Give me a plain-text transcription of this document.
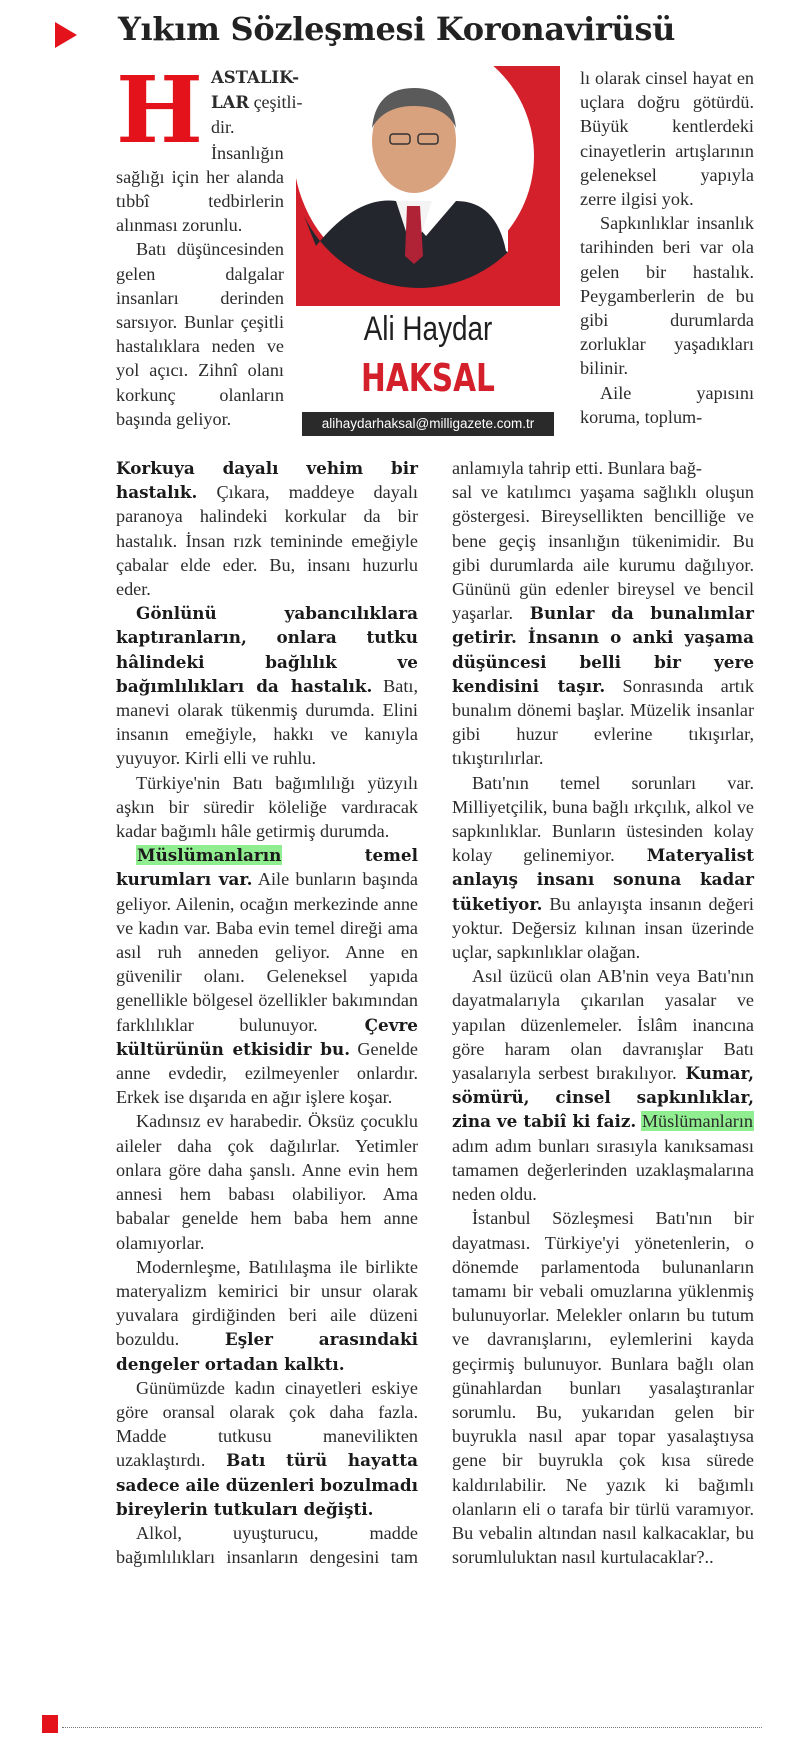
Yıkım Sözleşmesi Koronavirüsü
Ali Haydar
HAKSAL
alihaydarhaksal@milligazete.com.tr
H ASTALIK-
LAR çeşitli-
dir.

İnsanlığın sağlığı için her alanda tıbbî tedbirlerin alınması zorunlu.

Batı düşüncesinden gelen dalgalar insanları derinden sarsıyor. Bunlar çeşitli hastalıklara neden ve yol açıcı. Zihnî olanı korkunç olanların başında geliyor.

lı olarak cinsel hayat en uçlara doğru götürdü. Büyük kentlerdeki cinayetlerin artışlarının geleneksel yapıyla zerre ilgisi yok.

Sapkınlıklar insanlık tarihinden beri var ola gelen bir hastalık. Peygamberlerin de bu gibi durumlarda zorluklar yaşadıkları bilinir.

Aile yapısını koruma, toplum-

Korkuya dayalı vehim bir hastalık. Çıkara, maddeye dayalı paranoya halindeki korkular da bir hastalık. İnsan rızk temininde emeğiyle çabalar elde eder. Bu, insanı huzurlu eder.

Gönlünü yabancılıklara kaptıranların, onlara tutku hâlindeki bağlılık ve bağımlılıkları da hastalık. Batı, manevi olarak tükenmiş durumda. Elini insanın emeğiyle, hakkı ve kanıyla yuyuyor. Kirli elli ve ruhlu.

Türkiye'nin Batı bağımlılığı yüzyılı aşkın bir süredir köleliğe vardıracak kadar bağımlı hâle getirmiş durumda.

Müslümanların temel kurumları var. Aile bunların başında geliyor. Ailenin, ocağın merkezinde anne ve kadın var. Baba evin temel direği ama asıl ruh anneden geliyor. Anne en güvenilir olanı. Geleneksel yapıda genellikle bölgesel özellikler bakımından farklılıklar bulunuyor. Çevre kültürünün etkisidir bu. Genelde anne evdedir, ezilmeyenler onlardır. Erkek ise dışarıda en ağır işlere koşar.

Kadınsız ev harabedir. Öksüz çocuklu aileler daha çok dağılırlar. Yetimler onlara göre daha şanslı. Anne evin hem annesi hem babası olabiliyor. Ama babalar genelde hem baba hem anne olamıyorlar.

Modernleşme, Batılılaşma ile birlikte materyalizm kemirici bir unsur olarak yuvalara girdiğinden beri aile düzeni bozuldu. Eşler arasındaki dengeler ortadan kalktı.

Günümüzde kadın cinayetleri eskiye göre oransal olarak çok daha fazla. Madde tutkusu manevilikten uzaklaştırdı. Batı türü hayatta sadece aile düzenleri bozulmadı bireylerin tutkuları değişti.

Alkol, uyuşturucu, madde bağımlılıkları insanların dengesini tam anlamıyla tahrip etti. Bunlara bağ-

sal ve katılımcı yaşama sağlıklı oluşun göstergesi. Bireysellikten bencilliğe ve bene geçiş insanlığın tükenimidir. Bu gibi durumlarda aile kurumu dağılıyor. Gününü gün edenler bireysel ve bencil yaşarlar. Bunlar da bunalımlar getirir. İnsanın o anki yaşama düşüncesi belli bir yere kendisini taşır. Sonrasında artık bunalım dönemi başlar. Müzelik insanlar gibi huzur evlerine tıkışırlar, tıkıştırılırlar.

Batı'nın temel sorunları var. Milliyetçilik, buna bağlı ırkçılık, alkol ve sapkınlıklar. Bunların üstesinden kolay kolay gelinemiyor. Materyalist anlayış insanı sonuna kadar tüketiyor. Bu anlayışta insanın değeri yoktur. Değersiz kılınan insan üzerinde uçlar, sapkınlıklar olağan.

Asıl üzücü olan AB'nin veya Batı'nın dayatmalarıyla çıkarılan yasalar ve yapılan düzenlemeler. İslâm inancına göre haram olan davranışlar Batı yasalarıyla serbest bırakılıyor. Kumar, sömürü, cinsel sapkınlıklar, zina ve tabiî ki faiz. Müslümanların adım adım bunları sırasıyla kanıksaması tamamen değerlerinden uzaklaşmalarına neden oldu.

İstanbul Sözleşmesi Batı'nın bir dayatması. Türkiye'yi yönetenlerin, o dönemde parlamentoda bulunanların tamamı bir vebali omuzlarına yüklenmiş bulunuyorlar. Melekler onların bu tutum ve davranışlarını, eylemlerini kayda geçirmiş bulunuyor. Bunlara bağlı olan günahlardan bunları yasalaştıranlar sorumlu. Bu, yukarıdan gelen bir buyrukla nasıl apar topar yasalaştıysa gene bir buyrukla çok kısa sürede kaldırılabilir. Ne yazık ki bağımlı olanların eli o tarafa bir türlü varamıyor. Bu vebalin altından nasıl kalkacaklar, bu sorumluluktan nasıl kurtulacaklar?..
